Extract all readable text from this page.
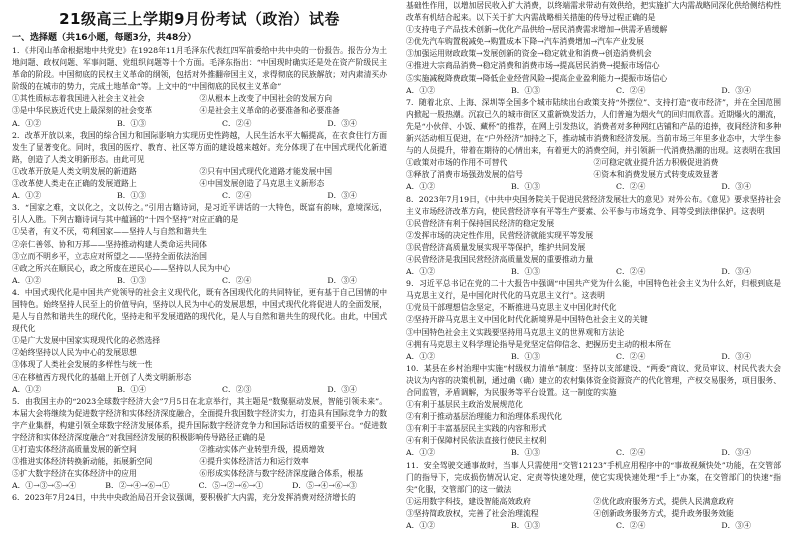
21级高三上学期9月份考试（政治）试卷
一、选择题（共16小题，每题3分，共48分）

1．《井冈山革命根据地中共党史》在1928年11月毛泽东代表红四军前委给中共中央的一份报告。报告分为土地问题、政权问题、军事问题、党组织问题等十个方面。毛泽东指出：“中国现时确实还是处在资产阶级民主革命的阶段。中国彻底的民权主义革命的纲领，包括对外推翻帝国主义，求得彻底的民族解放；对内肃清买办阶级的在城市的势力，完成土地革命”等。上文中的“中国彻底的民权主义革命”

①其性质标志着我国进入社会主义社会	②从根本上改变了中国社会的发展方向
③是中华民族近代史上最深刻的社会变革	④是社会主义革命的必要准备和必要准备
A．①②	B．①③	C．②④	D．③④

2．改革开放以来，我国的综合国力和国际影响力实现历史性跨越，人民生活水平大幅提高，在衣食住行方面发生了显著变化。同时，我国的医疗、教育、社区等方面的建设越来越好。充分体现了在中国式现代化新道路，创造了人类文明新形态。由此可见

①改革开放是人类文明发展的新道路	②只有中国式现代化道路才能发展中国
③改革使人类走在正确的发展道路上	④中国发展创造了马克思主义新形态
A．①②	B．①③	C．②④	D．③④

3．“国家之难，文以化之，文以传之。”引用古籍诗词，是习近平讲话的一大特色，既富有韵味，意境深远，引人入胜。下列古籍诗词与其中蕴涵的“十四个坚持”对应正确的是

①吴者，有义不厌，苟利国家——坚持人与自然和谐共生

②亲仁善邻、协和万邦——坚持推动构建人类命运共同体

③立而不明乡平，立志应对所望之——坚持全面依法治国

④政之所兴在顺民心，政之所废在逆民心——坚持以人民为中心

A．①②	B．①③	C．②④	D．③④

4．中国式现代化是中国共产党领导的社会主义现代化，既有各国现代化的共同特征，更有基于自己国情的中国特色。始终坚持人民至上的价值导向，坚持以人民为中心的发展思想，中国式现代化将促进人的全面发展，是人与自然和谐共生的现代化，坚持走和平发展道路的现代化，是人与自然和谐共生的现代化。由此，中国式现代化

①是广大发展中国家实现现代化的必然选择

②始终坚持以人民为中心的发展思想

③体现了人类社会发展的多样性与统一性

④在移植西方现代化的基础上开创了人类文明新形态

A．①②	B．①④	C．②③	D．③④

5．由我国主办的“2023全球数字经济大会”7月5日在北京举行，其主题是“数聚驱动发展，智能引领未来”。本届大会将继续为促进数字经济和实体经济深度融合，全面提升我国数字经济实力，打造具有国际竞争力的数字产业集群，构建引领全球数字经济发展体系，提升国际数字经济竞争力和国际话语权的重要平台。“促进数字经济和实体经济深度融合”对我国经济发展的积极影响传导路径正确的是

①打造实体经济高质量发展的新空间	②推动实体产业转型升级，提质增效
③推进实体经济转换新动能，拓展新空间	④提升实体经济活力和运行效率
⑤扩大数字经济在实体经济中的应用	⑥形成实体经济与数字经济深度融合体系，根基
A．①→③→⑤→④	B．②→④→⑥→①	C．⑤→②→⑥→①	D．⑤→④→⑥→③

6．2023年7月24日，中共中央政治局召开会议强调，要积极扩大内需，充分发挥消费对经济增长的

基础性作用，以增加居民收入扩大消费，以终端需求带动有效供给，把实施扩大内需战略同深化供给侧结构性改革有机结合起来。以下关于扩大内需战略相关措施的传导过程正确的是

①支持电子产品技术创新→优化产品供给→居民消费需求增加→供需矛盾缓解

②优先汽车购置税减免→购置成本下降→汽车消费增加→汽车产业发展

③加强运用财政政策→发展创新的资金→稳定就业和消费→创造消费机会

④推进大宗商品消费→稳定消费和消费市场→提高居民消费→提振市场信心

⑤实施减税降费政策→降低企业经营风险→提高企业盈利能力→提振市场信心

A．①②	B．①③	C．②④	D．③④

7．随着北京、上海、深圳等全国多个城市陆续出台政策支持“外摆位”、支持打造“夜市经济”，并在全国范围内掀起一股热潮。沉寂已久的城市街区又重新焕发活力，人们普遍为烟火气的回归而欣喜。近期爆火的潮流，先是“小伙伴、小饭、藏杯”的推荐，在网上引发热议，消费者对多种网红店铺和产品的追捧，夜间经济和多种新兴活动相互促进，在“户外经济”加持之下，推动城市消费和经济发展。当前市场三年里多业态中，大学生参与的人员提升，带着在期待的心情出来，有着更大的消费空间，并引领新一代消费热潮的出现。这表明在我国

①政策对市场的作用不可替代	②可稳定就业提升活力积极促进消费
③释放了消费市场强劲发展的信号	④资本和消费发展方式转变成效显著
A．①②	B．①③	C．②④	D．③④

8．2023年7月19日，《中共中央国务院关于促进民营经济发展壮大的意见》对外公布。《意见》要求坚持社会主义市场经济改革方向，使民营经济享有平等生产要素、公平参与市场竞争、同等受到法律保护。这表明

①民营经济有利于保持国民经济的稳定发展

②发挥市场的决定性作用，民营经济就能实现平等发展

③民营经济高质量发展实现平等保护，维护共同发展

④民营经济是我国民营经济高质量发展的重要推动力量

A．①②	B．①③	C．②④	D．③④

9．习近平总书记在党的二十大报告中强调“中国共产党为什么能，中国特色社会主义为什么好，归根到底是马克思主义行，是中国化时代化的马克思主义行”。这表明

①党员干部理想信念坚定，不断推进马克思主义中国化时代化

②坚持开辟马克思主义中国化时代化新境界是中国特色社会主义的关键

③中国特色社会主义实践要坚持用马克思主义的世界观和方法论

④拥有马克思主义科学理论指导是党坚定信仰信念、把握历史主动的根本所在

A．①②	B．①③	C．②④	D．③④

10．某县在乡村治理中实施“村级权力清单”制度：坚持以支部建设、“两委”商议、党员审议、村民代表大会决议为内容的决策机制，通过确（确）建立的农村集体资金资源资产的代化管理，产权交易服务，项目服务、合同监管，矛盾调解，为民服务等平台设置。这一制度的实施

①有利于基层民主政治发展规范化

②有利于推动基层治理能力和治理体系现代化

③有利于丰富基层民主实践的内容和形式

④有利于保障村民依法直接行使民主权利

A．①②	B．①③	C．②④	D．③④

11．安全驾驶交通事故时，当事人只需使用“交管12123”手机应用程序中的“事故视频快处”功能，在交管部门的指导下，完成损伤情况认定、定责等快速处理，使它实现快速处理“手上”办案，在交管部门的快速“指尖”化服，交管部门的这一做法

①运用数字科技，建设智能高效政府	②优化政府服务方式，提供人民满意政府
③坚持简政放权，完善了社会治理流程	④创新政务服务方式，提升政务服务效能
A．①②	B．①③	C．②④	D．③④
